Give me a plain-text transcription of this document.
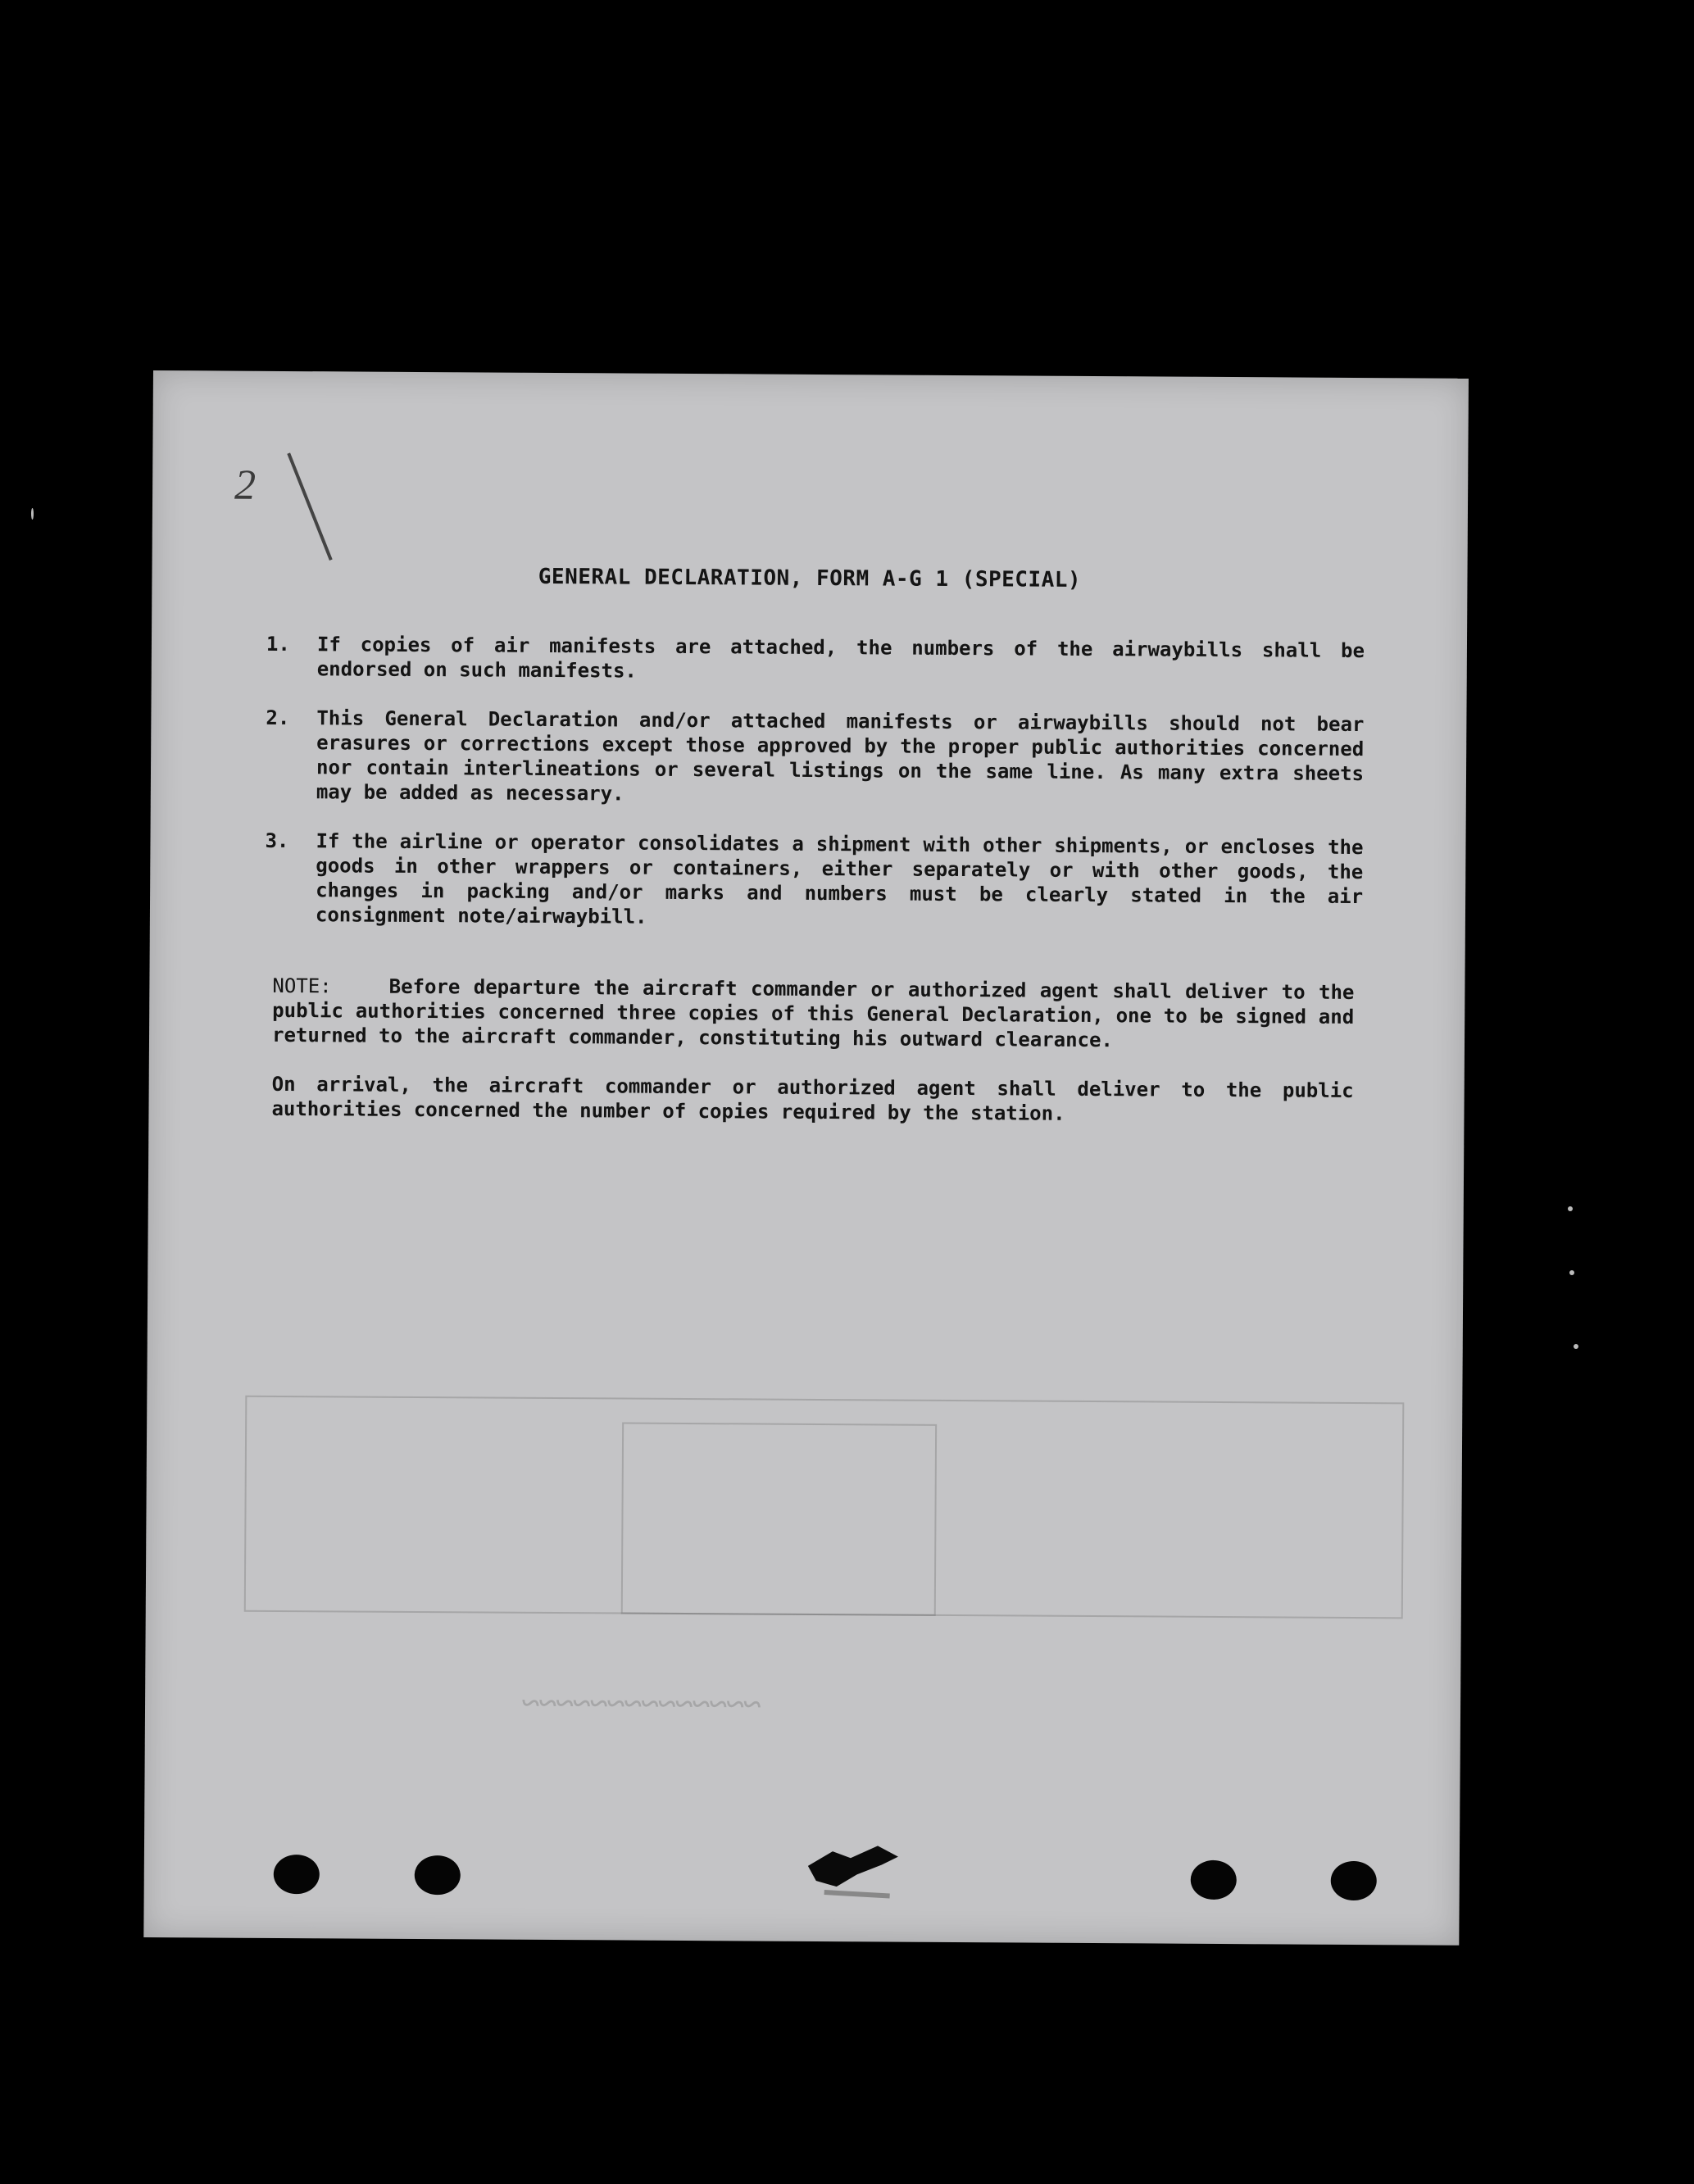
~~~~~~~~~~~~~~
2
GENERAL DECLARATION, FORM A-G 1 (SPECIAL)
1.	If copies of air manifests are attached, the numbers of the airwaybills shall be endorsed on such manifests.
2.	This General Declaration and/or attached manifests or airwaybills should not bear erasures or corrections except those approved by the proper public authorities concerned nor contain interlineations or several listings on the same line. As many extra sheets may be added as necessary.
3.	If the airline or operator consolidates a shipment with other shipments, or encloses the goods in other wrappers or containers, either separately or with other goods, the changes in packing and/or marks and numbers must be clearly stated in the air consignment note/airwaybill.

NOTE:	Before departure the aircraft commander or authorized agent shall deliver to the public authorities concerned three copies of this General Declaration, one to be signed and returned to the aircraft commander, constituting his outward clearance.

On arrival, the aircraft commander or authorized agent shall deliver to the public authorities concerned the number of copies required by the station.
